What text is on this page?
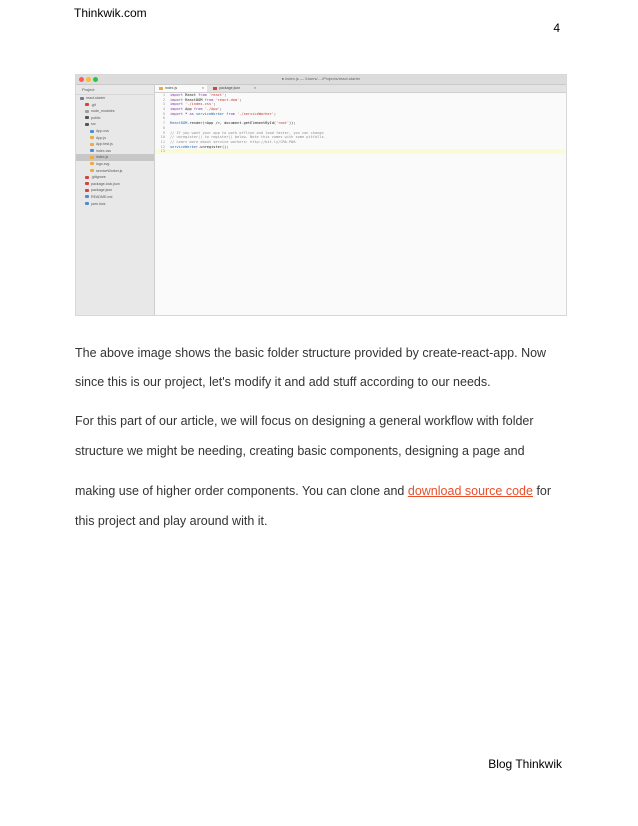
Thinkwik.com
4
● index.js — /Users/..../Projects/react-starter
Project
react-starter
.git
node_modules
public
src
App.css
App.js
App.test.js
index.css
index.js
logo.svg
serviceWorker.js
.gitignore
package-lock.json
package.json
README.md
yarn.lock
index.js	×	package.json	×
1 import React from 'react';
2 import ReactDOM from 'react-dom';
3 import './index.css';
4 import App from './App';
5 import * as serviceWorker from './serviceWorker';
6
7 ReactDOM.render(<App />, document.getElementById('root'));
8
9 // If you want your app to work offline and load faster, you can change
10 // unregister() to register() below. Note this comes with some pitfalls.
11 // Learn more about service workers: http://bit.ly/CRA-PWA
12 serviceWorker.unregister();
13
The above image shows the basic folder structure provided by create-react-app. Now
since this is our project, let's modify it and add stuff according to our needs.
For this part of our article, we will focus on designing a general workflow with folder
structure we might be needing, creating basic components, designing a page and
making use of higher order components. You can clone and download source code for
this project and play around with it.
Blog Thinkwik
